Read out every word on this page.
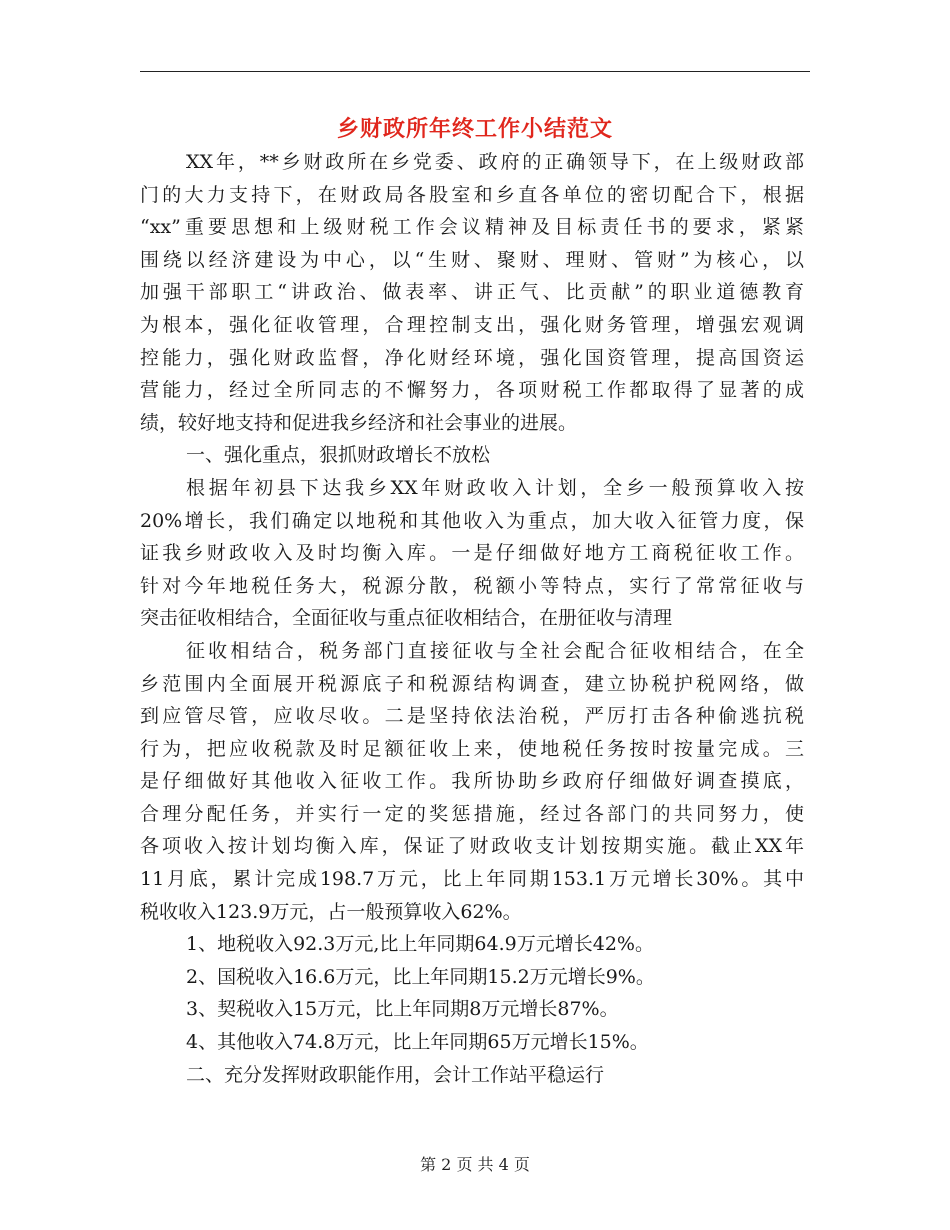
乡财政所年终工作小结范文
XX年，**乡财政所在乡党委、政府的正确领导下，在上级财政部
门的大力支持下，在财政局各股室和乡直各单位的密切配合下，根据
“xx”重要思想和上级财税工作会议精神及目标责任书的要求，紧紧
围绕以经济建设为中心，以“生财、聚财、理财、管财”为核心，以
加强干部职工“讲政治、做表率、讲正气、比贡献”的职业道德教育
为根本，强化征收管理，合理控制支出，强化财务管理，增强宏观调
控能力，强化财政监督，净化财经环境，强化国资管理，提高国资运
营能力，经过全所同志的不懈努力，各项财税工作都取得了显著的成
绩，较好地支持和促进我乡经济和社会事业的进展。
一、强化重点，狠抓财政增长不放松
根据年初县下达我乡XX年财政收入计划，全乡一般预算收入按
20%增长，我们确定以地税和其他收入为重点，加大收入征管力度，保
证我乡财政收入及时均衡入库。一是仔细做好地方工商税征收工作。
针对今年地税任务大，税源分散，税额小等特点，实行了常常征收与
突击征收相结合，全面征收与重点征收相结合，在册征收与清理
征收相结合，税务部门直接征收与全社会配合征收相结合，在全
乡范围内全面展开税源底子和税源结构调查，建立协税护税网络，做
到应管尽管，应收尽收。二是坚持依法治税，严厉打击各种偷逃抗税
行为，把应收税款及时足额征收上来，使地税任务按时按量完成。三
是仔细做好其他收入征收工作。我所协助乡政府仔细做好调查摸底，
合理分配任务，并实行一定的奖惩措施，经过各部门的共同努力，使
各项收入按计划均衡入库，保证了财政收支计划按期实施。截止XX年
11月底，累计完成198.7万元，比上年同期153.1万元增长30%。其中
税收收入123.9万元，占一般预算收入62%。
1、地税收入92.3万元,比上年同期64.9万元增长42%。
2、国税收入16.6万元，比上年同期15.2万元增长9%。
3、契税收入15万元，比上年同期8万元增长87%。
4、其他收入74.8万元，比上年同期65万元增长15%。
二、充分发挥财政职能作用，会计工作站平稳运行
第 2 页 共 4 页
